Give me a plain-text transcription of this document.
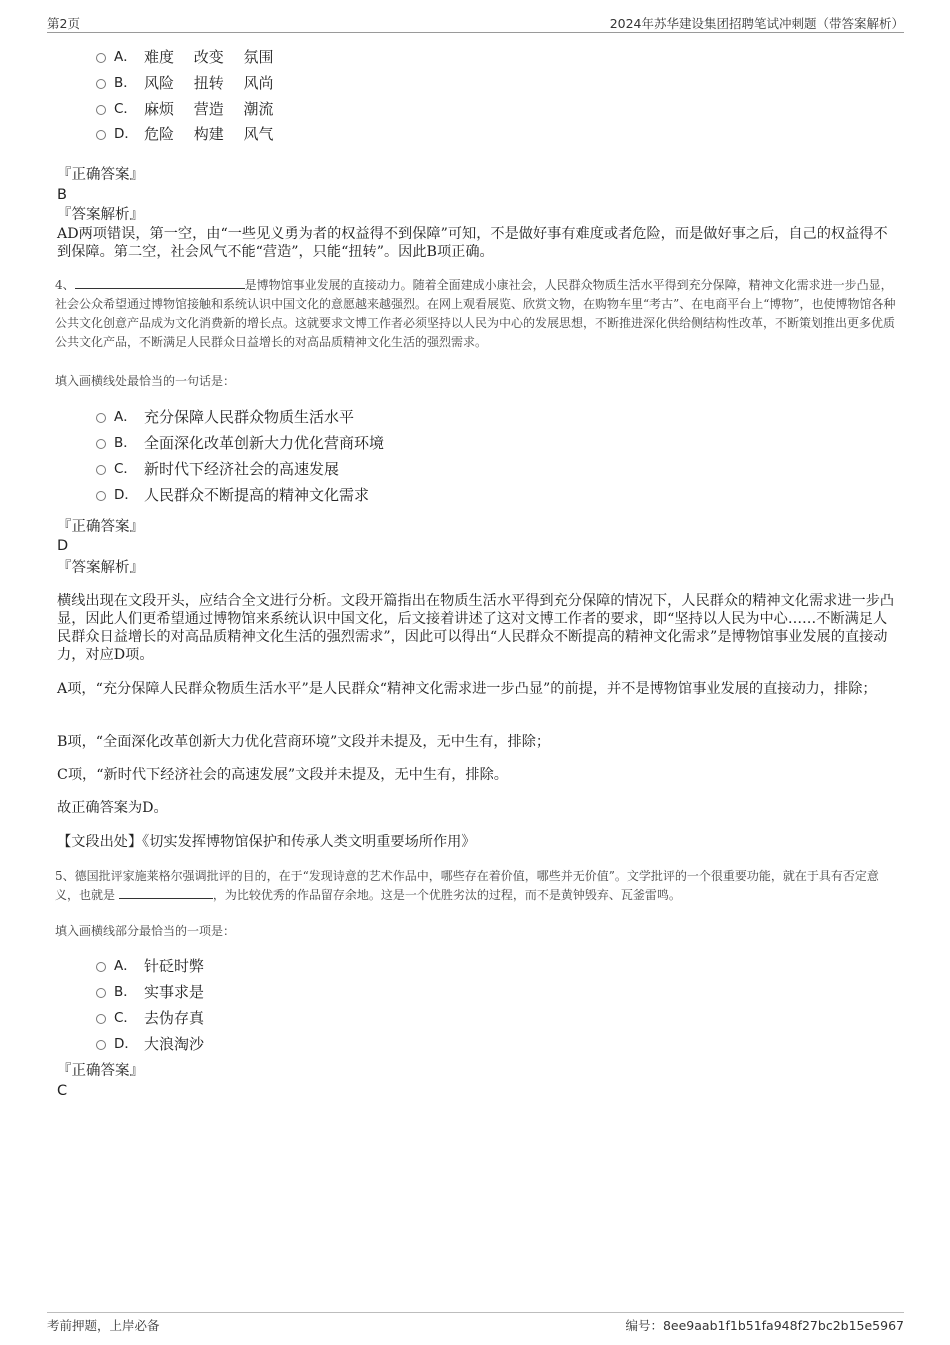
第2页	2024年苏华建设集团招聘笔试冲刺题（带答案解析）
A． 难度　 改变　 氛围
B． 风险　 扭转　 风尚
C． 麻烦　 营造　 潮流
D． 危险　 构建　 风气
『正确答案』
B
『答案解析』
AD两项错误，第一空，由“一些见义勇为者的权益得不到保障”可知，不是做好事有难度或者危险，而是做好事之后，自己的权益得不到保障。第二空，社会风气不能“营造”，只能“扭转”。因此B项正确。
4、	是博物馆事业发展的直接动力。随着全面建成小康社会，人民群众物质生活水平得到充分保障，精神文化需求进一步凸显，社会公众希望通过博物馆接触和系统认识中国文化的意愿越来越强烈。在网上观看展览、欣赏文物，在购物车里“考古”、在电商平台上“博物”，也使博物馆各种公共文化创意产品成为文化消费新的增长点。这就要求文博工作者必须坚持以人民为中心的发展思想，不断推进深化供给侧结构性改革，不断策划推出更多优质公共文化产品，不断满足人民群众日益增长的对高品质精神文化生活的强烈需求。
填入画横线处最恰当的一句话是：
A． 充分保障人民群众物质生活水平
B． 全面深化改革创新大力优化营商环境
C． 新时代下经济社会的高速发展
D． 人民群众不断提高的精神文化需求
『正确答案』
D
『答案解析』
横线出现在文段开头，应结合全文进行分析。文段开篇指出在物质生活水平得到充分保障的情况下，人民群众的精神文化需求进一步凸显，因此人们更希望通过博物馆来系统认识中国文化，后文接着讲述了这对文博工作者的要求，即“坚持以人民为中心……不断满足人民群众日益增长的对高品质精神文化生活的强烈需求”，因此可以得出“人民群众不断提高的精神文化需求”是博物馆事业发展的直接动力，对应D项。
A项，“充分保障人民群众物质生活水平”是人民群众“精神文化需求进一步凸显”的前提，并不是博物馆事业发展的直接动力，排除；
B项，“全面深化改革创新大力优化营商环境”文段并未提及，无中生有，排除；
C项，“新时代下经济社会的高速发展”文段并未提及，无中生有，排除。
故正确答案为D。
【文段出处】《切实发挥博物馆保护和传承人类文明重要场所作用》
5、德国批评家施莱格尔强调批评的目的，在于“发现诗意的艺术作品中，哪些存在着价值，哪些并无价值”。文学批评的一个很重要功能，就在于具有否定意义，也就是	，为比较优秀的作品留存余地。这是一个优胜劣汰的过程，而不是黄钟毁弃、瓦釜雷鸣。
填入画横线部分最恰当的一项是：
A． 针砭时弊
B． 实事求是
C． 去伪存真
D． 大浪淘沙
『正确答案』
C
考前押题，上岸必备	编号：8ee9aab1f1b51fa948f27bc2b15e5967
